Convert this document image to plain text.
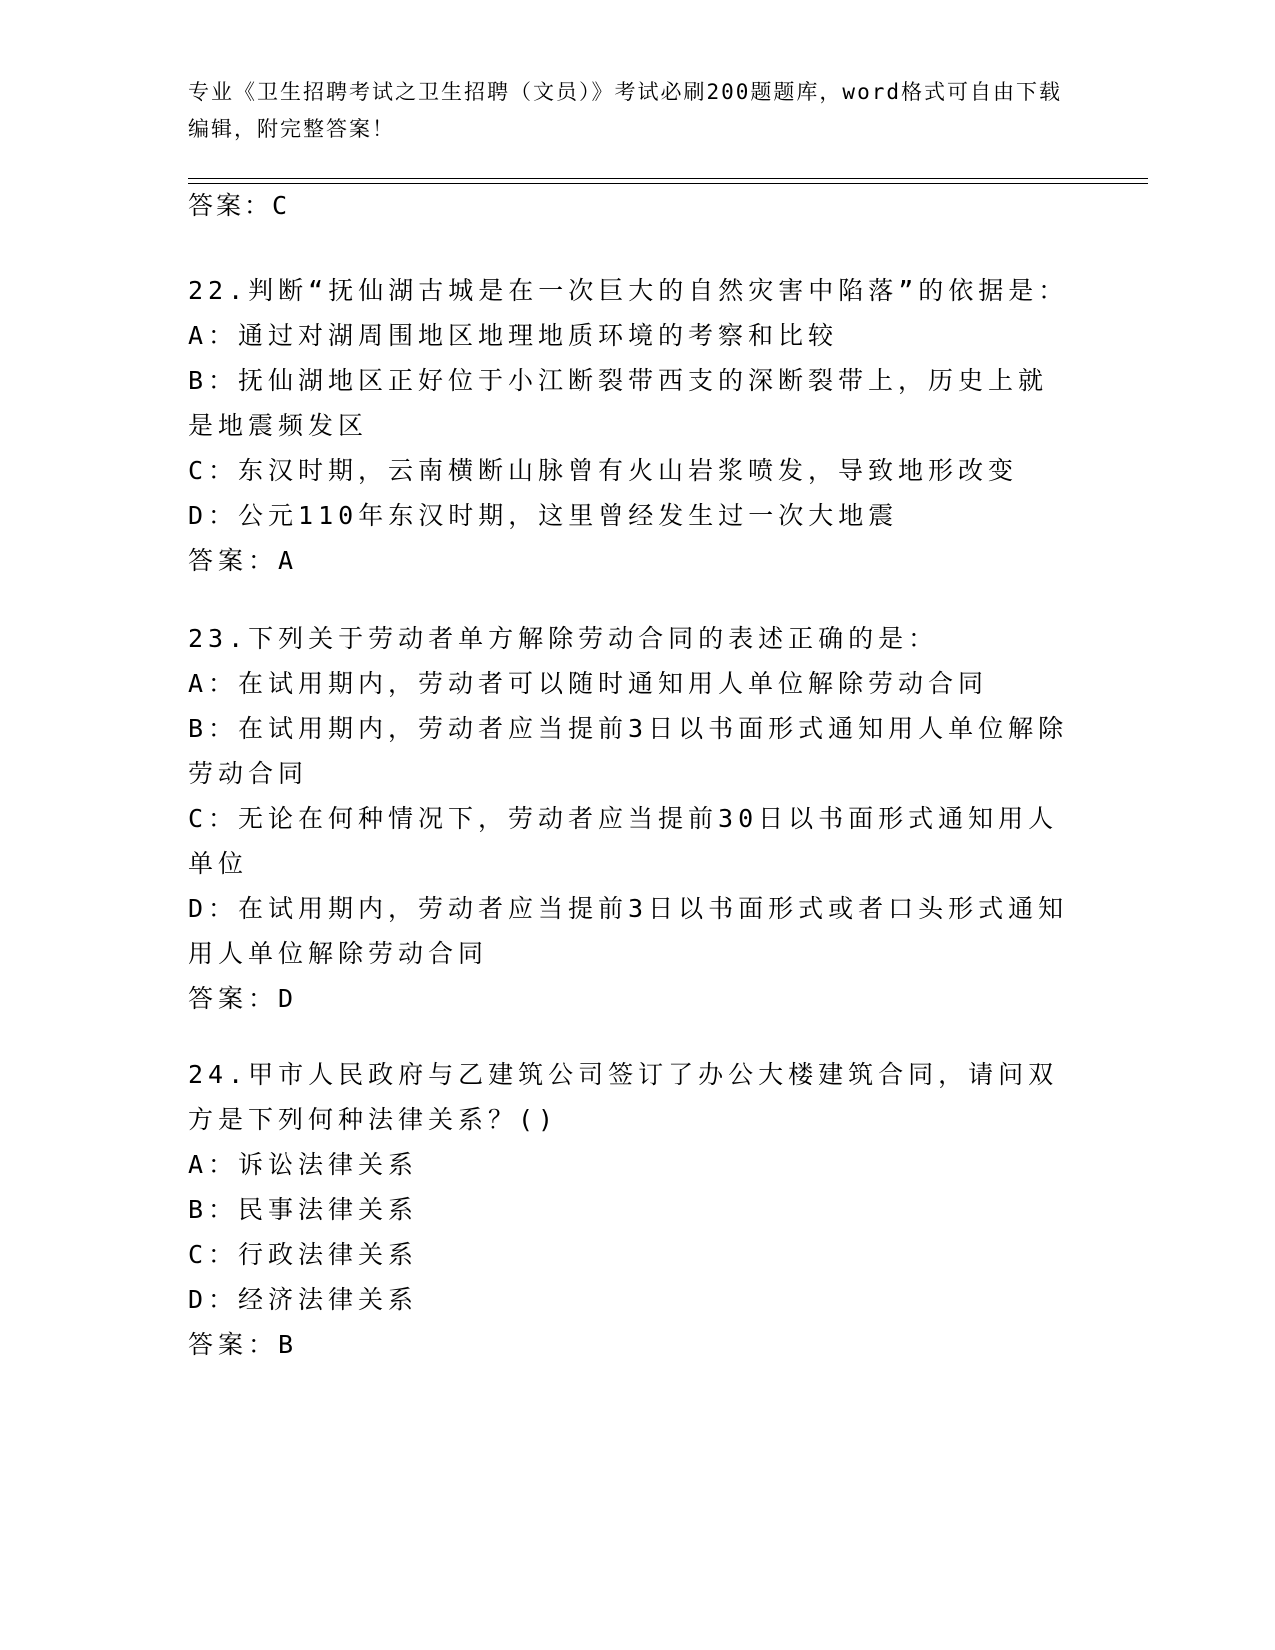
专业《卫生招聘考试之卫生招聘（文员）》考试必刷200题题库，word格式可自由下载编辑，附完整答案！
答案：C
22.判断“抚仙湖古城是在一次巨大的自然灾害中陷落”的依据是：
A：通过对湖周围地区地理地质环境的考察和比较
B：抚仙湖地区正好位于小江断裂带西支的深断裂带上，历史上就是地震频发区
C：东汉时期，云南横断山脉曾有火山岩浆喷发，导致地形改变
D：公元110年东汉时期，这里曾经发生过一次大地震
答案：A
23.下列关于劳动者单方解除劳动合同的表述正确的是：
A：在试用期内，劳动者可以随时通知用人单位解除劳动合同
B：在试用期内，劳动者应当提前3日以书面形式通知用人单位解除劳动合同
C：无论在何种情况下，劳动者应当提前30日以书面形式通知用人单位
D：在试用期内，劳动者应当提前3日以书面形式或者口头形式通知用人单位解除劳动合同
答案：D
24.甲市人民政府与乙建筑公司签订了办公大楼建筑合同，请问双方是下列何种法律关系？()
A：诉讼法律关系
B：民事法律关系
C：行政法律关系
D：经济法律关系
答案：B
